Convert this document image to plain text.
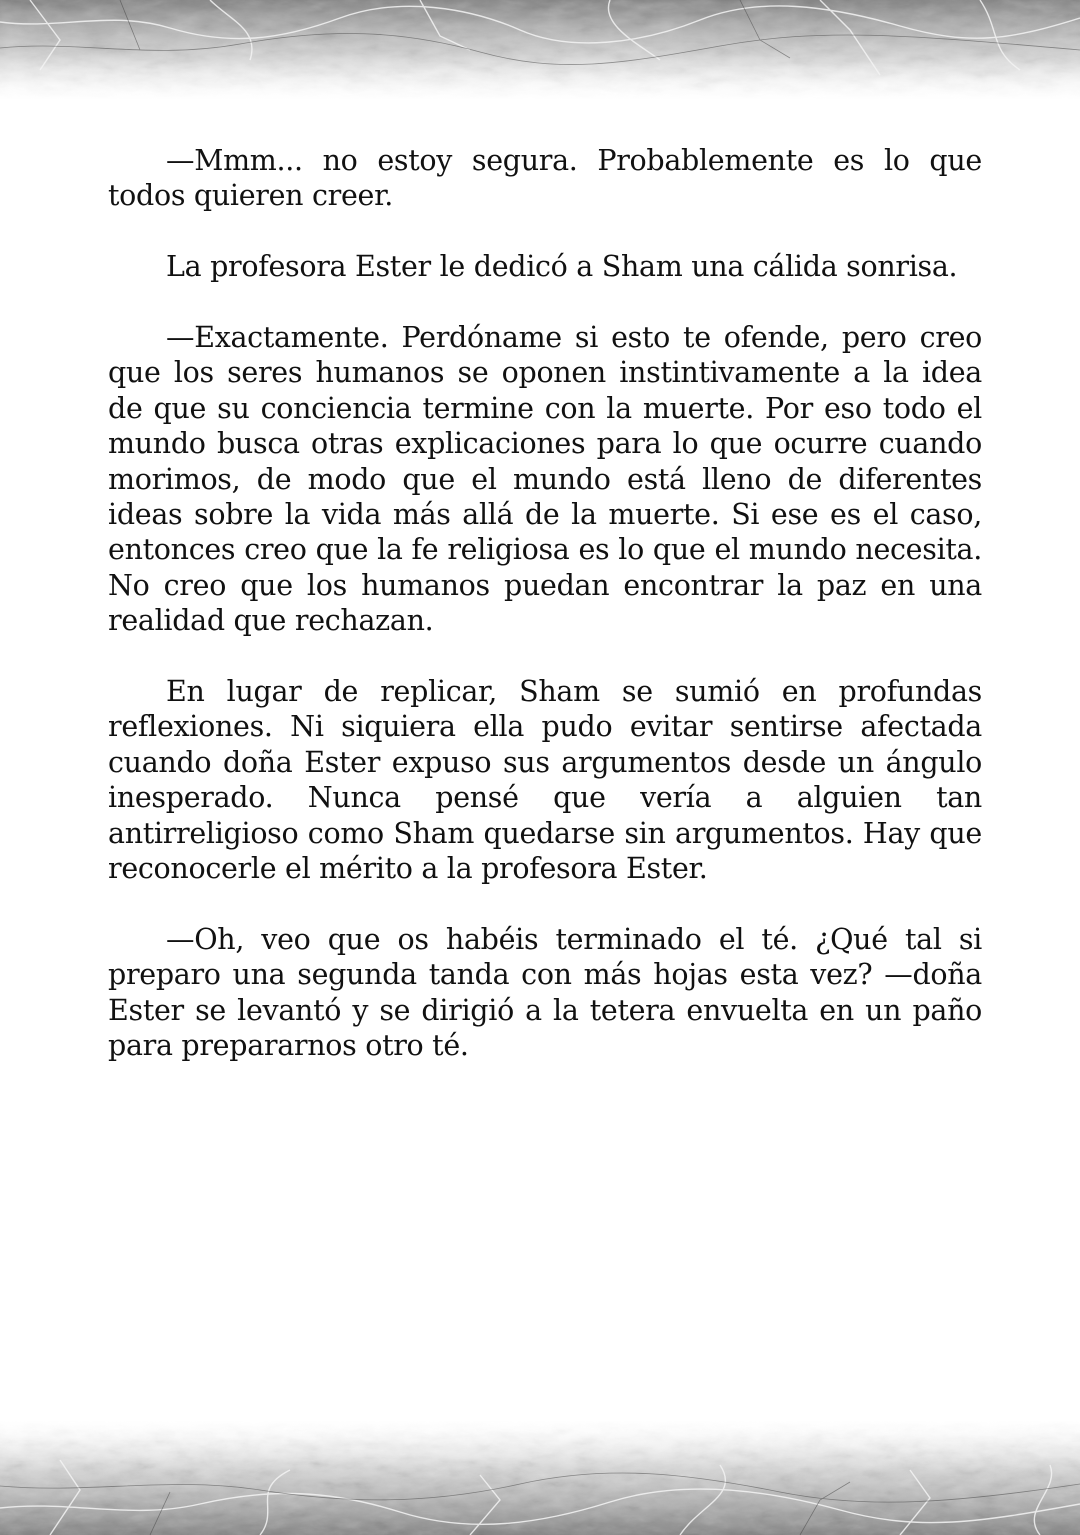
—Mmm... no estoy segura. Probablemente es lo que todos quieren creer.

La profesora Ester le dedicó a Sham una cálida sonrisa.

—Exactamente. Perdóname si esto te ofende, pero creo que los seres humanos se oponen instintivamente a la idea de que su conciencia termine con la muerte. Por eso todo el mundo busca otras explicaciones para lo que ocurre cuando morimos, de modo que el mundo está lleno de diferentes ideas sobre la vida más allá de la muerte. Si ese es el caso, entonces creo que la fe religiosa es lo que el mundo necesita. No creo que los humanos puedan encontrar la paz en una realidad que rechazan.

En lugar de replicar, Sham se sumió en profundas reflexiones. Ni siquiera ella pudo evitar sentirse afectada cuando doña Ester expuso sus argumentos desde un ángulo inesperado. Nunca pensé que vería a alguien tan antirreligioso como Sham quedarse sin argumentos. Hay que reconocerle el mérito a la profesora Ester.

—Oh, veo que os habéis terminado el té. ¿Qué tal si preparo una segunda tanda con más hojas esta vez? —doña Ester se levantó y se dirigió a la tetera envuelta en un paño para prepararnos otro té.
